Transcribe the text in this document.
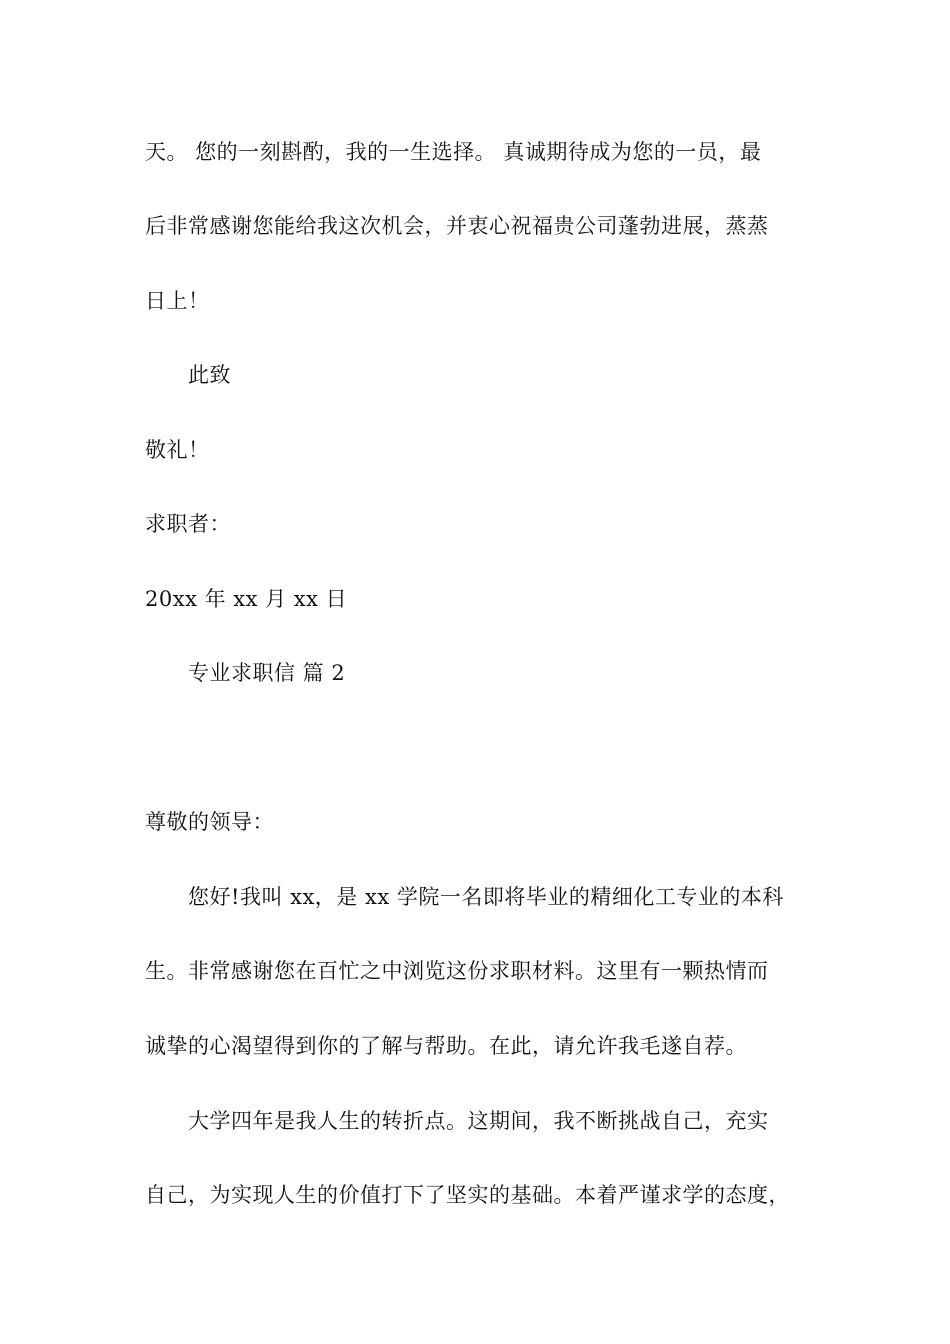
天。 您的一刻斟酌，我的一生选择。 真诚期待成为您的一员，最
后非常感谢您能给我这次机会，并衷心祝福贵公司蓬勃进展，蒸蒸
日上！
此致
敬礼！
求职者：
20xx 年 xx 月 xx 日
专业求职信 篇 2
尊敬的领导：
您好!我叫 xx，是 xx 学院一名即将毕业的精细化工专业的本科
生。非常感谢您在百忙之中浏览这份求职材料。这里有一颗热情而
诚挚的心渴望得到你的了解与帮助。在此，请允许我毛遂自荐。
大学四年是我人生的转折点。这期间，我不断挑战自己，充实
自己，为实现人生的价值打下了坚实的基础。本着严谨求学的态度，
